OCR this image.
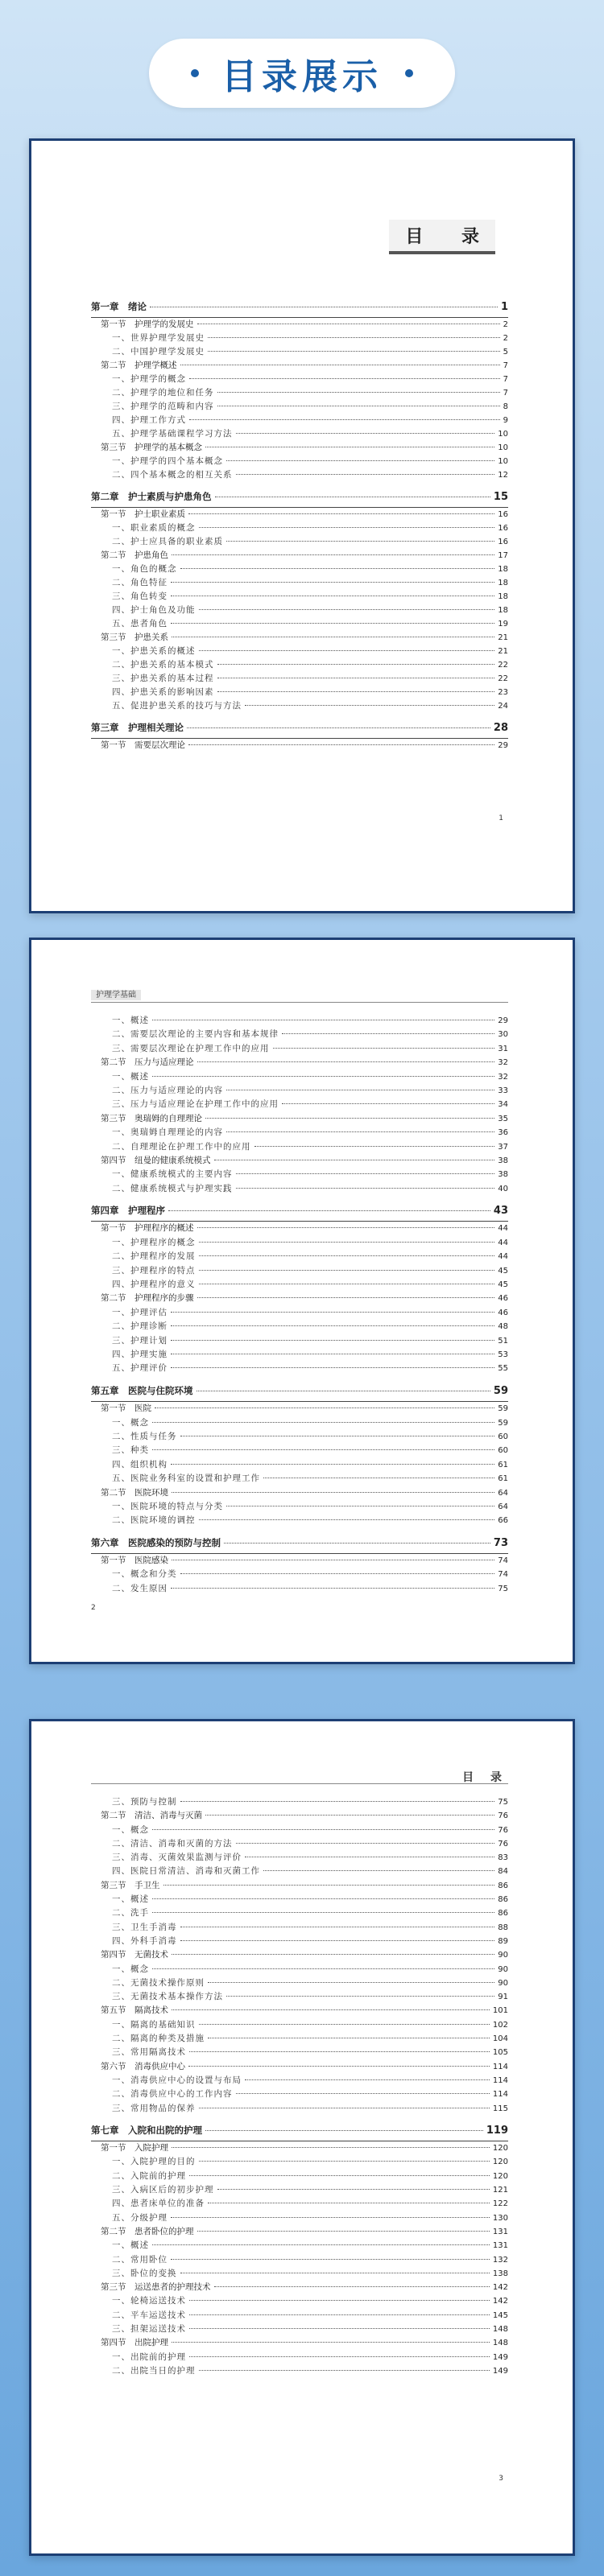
目录展示
目 录
第一章　绪论	1
第一节　护理学的发展史	2
一、世界护理学发展史	2
二、中国护理学发展史	5
第二节　护理学概述	7
一、护理学的概念	7
二、护理学的地位和任务	7
三、护理学的范畴和内容	8
四、护理工作方式	9
五、护理学基础课程学习方法	10
第三节　护理学的基本概念	10
一、护理学的四个基本概念	10
二、四个基本概念的相互关系	12
第二章　护士素质与护患角色	15
第一节　护士职业素质	16
一、职业素质的概念	16
二、护士应具备的职业素质	16
第二节　护患角色	17
一、角色的概念	18
二、角色特征	18
三、角色转变	18
四、护士角色及功能	18
五、患者角色	19
第三节　护患关系	21
一、护患关系的概述	21
二、护患关系的基本模式	22
三、护患关系的基本过程	22
四、护患关系的影响因素	23
五、促进护患关系的技巧与方法	24
第三章　护理相关理论	28
第一节　需要层次理论	29
1
护理学基础
一、概述	29
二、需要层次理论的主要内容和基本规律	30
三、需要层次理论在护理工作中的应用	31
第二节　压力与适应理论	32
一、概述	32
二、压力与适应理论的内容	33
三、压力与适应理论在护理工作中的应用	34
第三节　奥瑞姆的自理理论	35
一、奥瑞姆自理理论的内容	36
二、自理理论在护理工作中的应用	37
第四节　纽曼的健康系统模式	38
一、健康系统模式的主要内容	38
二、健康系统模式与护理实践	40
第四章　护理程序	43
第一节　护理程序的概述	44
一、护理程序的概念	44
二、护理程序的发展	44
三、护理程序的特点	45
四、护理程序的意义	45
第二节　护理程序的步骤	46
一、护理评估	46
二、护理诊断	48
三、护理计划	51
四、护理实施	53
五、护理评价	55
第五章　医院与住院环境	59
第一节　医院	59
一、概念	59
二、性质与任务	60
三、种类	60
四、组织机构	61
五、医院业务科室的设置和护理工作	61
第二节　医院环境	64
一、医院环境的特点与分类	64
二、医院环境的调控	66
第六章　医院感染的预防与控制	73
第一节　医院感染	74
一、概念和分类	74
二、发生原因	75
2
目 录
三、预防与控制	75
第二节　清洁、消毒与灭菌	76
一、概念	76
二、清洁、消毒和灭菌的方法	76
三、消毒、灭菌效果监测与评价	83
四、医院日常清洁、消毒和灭菌工作	84
第三节　手卫生	86
一、概述	86
二、洗手	86
三、卫生手消毒	88
四、外科手消毒	89
第四节　无菌技术	90
一、概念	90
二、无菌技术操作原则	90
三、无菌技术基本操作方法	91
第五节　隔离技术	101
一、隔离的基础知识	102
二、隔离的种类及措施	104
三、常用隔离技术	105
第六节　消毒供应中心	114
一、消毒供应中心的设置与布局	114
二、消毒供应中心的工作内容	114
三、常用物品的保养	115
第七章　入院和出院的护理	119
第一节　入院护理	120
一、入院护理的目的	120
二、入院前的护理	120
三、入病区后的初步护理	121
四、患者床单位的准备	122
五、分级护理	130
第二节　患者卧位的护理	131
一、概述	131
二、常用卧位	132
三、卧位的变换	138
第三节　运送患者的护理技术	142
一、轮椅运送技术	142
二、平车运送技术	145
三、担架运送技术	148
第四节　出院护理	148
一、出院前的护理	149
二、出院当日的护理	149
3
